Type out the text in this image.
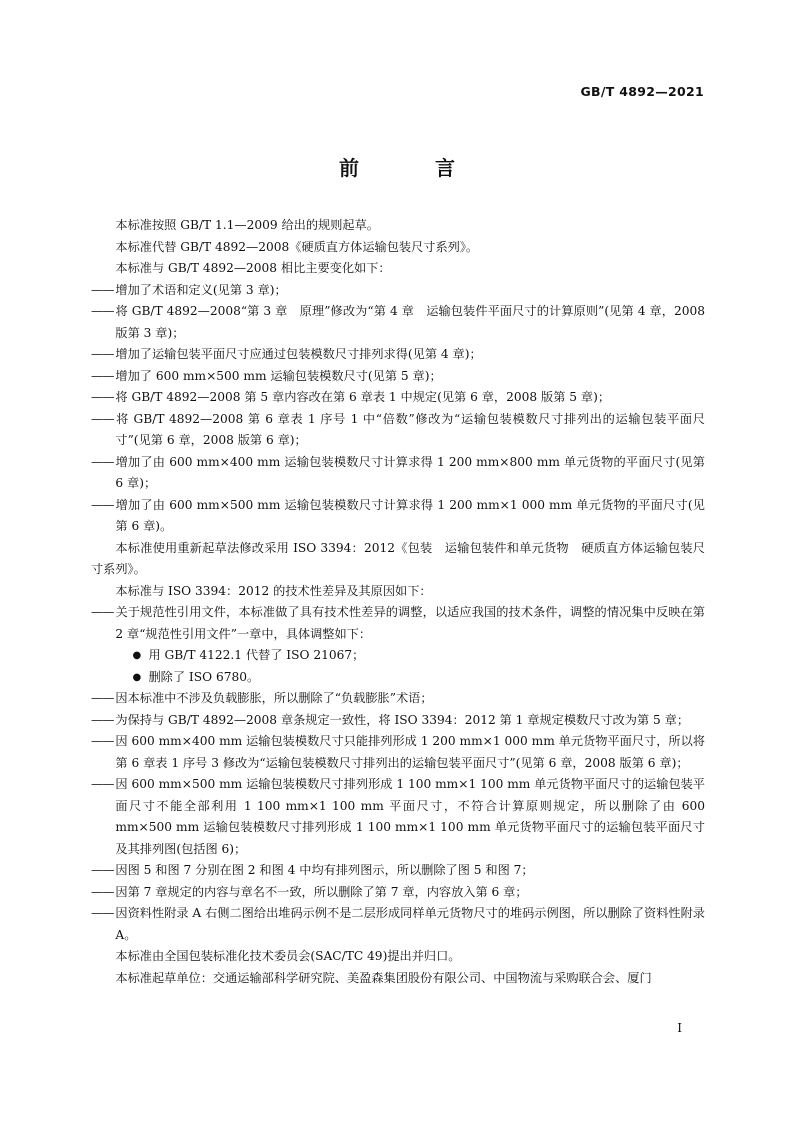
GB/T 4892—2021
前　言

本标准按照 GB/T 1.1—2009 给出的规则起草。

本标准代替 GB/T 4892—2008《硬质直方体运输包装尺寸系列》。

本标准与 GB/T 4892—2008 相比主要变化如下：

—— 增加了术语和定义(见第 3 章)；

—— 将 GB/T 4892—2008“第 3 章　原理”修改为“第 4 章　运输包装件平面尺寸的计算原则”(见第 4 章，2008 版第 3 章)；

—— 增加了运输包装平面尺寸应通过包装模数尺寸排列求得(见第 4 章)；

—— 增加了 600 mm×500 mm 运输包装模数尺寸(见第 5 章)；

—— 将 GB/T 4892—2008 第 5 章内容改在第 6 章表 1 中规定(见第 6 章，2008 版第 5 章)；

—— 将 GB/T 4892—2008 第 6 章表 1 序号 1 中“倍数”修改为“运输包装模数尺寸排列出的运输包装平面尺寸”(见第 6 章，2008 版第 6 章)；

—— 增加了由 600 mm×400 mm 运输包装模数尺寸计算求得 1 200 mm×800 mm 单元货物的平面尺寸(见第 6 章)；

—— 增加了由 600 mm×500 mm 运输包装模数尺寸计算求得 1 200 mm×1 000 mm 单元货物的平面尺寸(见第 6 章)。

本标准使用重新起草法修改采用 ISO 3394：2012《包装　运输包装件和单元货物　硬质直方体运输包装尺寸系列》。

本标准与 ISO 3394：2012 的技术性差异及其原因如下：

—— 关于规范性引用文件，本标准做了具有技术性差异的调整，以适应我国的技术条件，调整的情况集中反映在第 2 章“规范性引用文件”一章中，具体调整如下：

● 用 GB/T 4122.1 代替了 ISO 21067；

● 删除了 ISO 6780。

—— 因本标准中不涉及负载膨胀，所以删除了“负载膨胀”术语；

—— 为保持与 GB/T 4892—2008 章条规定一致性，将 ISO 3394：2012 第 1 章规定模数尺寸改为第 5 章；

—— 因 600 mm×400 mm 运输包装模数尺寸只能排列形成 1 200 mm×1 000 mm 单元货物平面尺寸，所以将第 6 章表 1 序号 3 修改为“运输包装模数尺寸排列出的运输包装平面尺寸”(见第 6 章，2008 版第 6 章)；

—— 因 600 mm×500 mm 运输包装模数尺寸排列形成 1 100 mm×1 100 mm 单元货物平面尺寸的运输包装平面尺寸不能全部利用 1 100 mm×1 100 mm 平面尺寸，不符合计算原则规定，所以删除了由 600 mm×500 mm 运输包装模数尺寸排列形成 1 100 mm×1 100 mm 单元货物平面尺寸的运输包装平面尺寸及其排列图(包括图 6)；

—— 因图 5 和图 7 分别在图 2 和图 4 中均有排列图示，所以删除了图 5 和图 7；

—— 因第 7 章规定的内容与章名不一致，所以删除了第 7 章，内容放入第 6 章；

—— 因资料性附录 A 右侧二图给出堆码示例不是二层形成同样单元货物尺寸的堆码示例图，所以删除了资料性附录 A。

本标准由全国包装标准化技术委员会(SAC/TC 49)提出并归口。

本标准起草单位：交通运输部科学研究院、美盈森集团股份有限公司、中国物流与采购联合会、厦门

I
